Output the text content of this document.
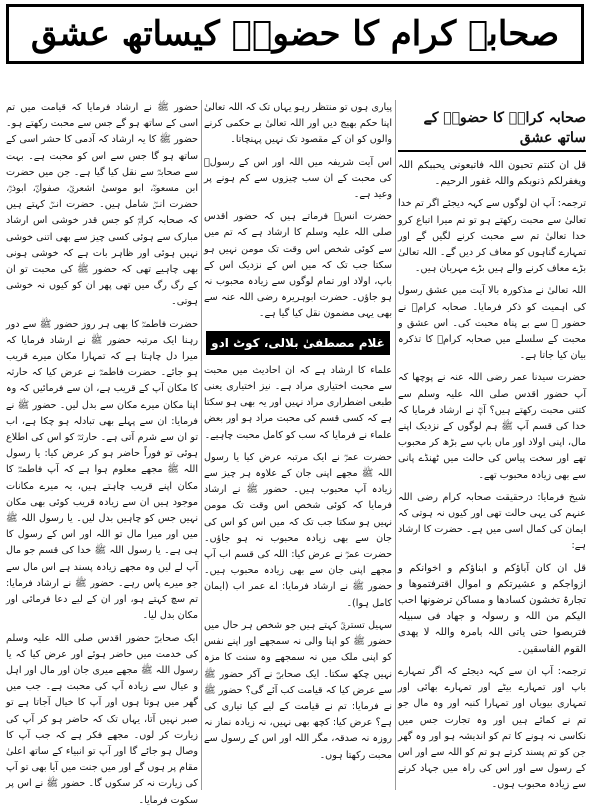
صحابہ کرام کا حضورؐ کیساتھ عشق
صحابہ کرامؓ کا حضورؐ کے ساتھ عشق

قل ان کنتم تحبون اللہ فاتبعونی یحببکم اللہ ویغفرلکم ذنوبکم واللہ غفور الرحیم۔

ترجمہ: آپ ان لوگوں سے کہہ دیجئے اگر تم خدا تعالیٰ سے محبت رکھتے ہو تو تم میرا اتباع کرو خدا تعالیٰ تم سے محبت کرنے لگیں گے اور تمہارے گناہوں کو معاف کر دیں گے۔ اللہ تعالیٰ بڑے معاف کرنے والے ہیں بڑے مہربان ہیں۔

اللہ تعالیٰ نے مذکورہ بالا آیت میں عشق رسول کی اہمیت کو ذکر فرمایا۔ صحابہ کرامؓ نے حضور ﷺ سے بے پناہ محبت کی۔ اس عشق و محبت کے سلسلے میں صحابہ کرامؓ کا تذکرہ بیان کیا جاتا ہے۔

حضرت سیدنا عمر رضی اللہ عنہ نے پوچھا کہ آپ حضور اقدس صلی اللہ علیہ وسلم سے کتنی محبت رکھتے ہیں؟ آپؓ نے ارشاد فرمایا کہ خدا کی قسم آپ ﷺ ہم لوگوں کے نزدیک اپنے مال، اپنی اولاد اور ماں باپ سے بڑھ کر محبوب تھے اور سخت پیاس کی حالت میں ٹھنڈے پانی سے بھی زیادہ محبوب تھے۔

شیخ فرمایا: درحقیقت صحابہ کرام رضی اللہ عنہم کی یہی حالت تھی اور کیوں نہ ہوتی کہ ایمان کی کمال اسی میں ہے۔ حضرت کا ارشاد ہے:

قل ان کان آباؤکم و ابناؤکم و اخوانکم و ازواجکم و عشیرتکم و اموال اقترفتموھا و تجارۃ تخشون کسادھا و مساکن ترضونھا احب الیکم من اللہ و رسولہ و جھاد فی سبیلہ فتربصوا حتی یاتی اللہ بامرہ واللہ لا یھدی القوم الفاسقین۔

ترجمہ: آپ ان سے کہہ دیجئے کہ اگر تمہارے باپ اور تمہارے بیٹے اور تمہارے بھائی اور تمہاری بیویاں اور تمہارا کنبہ اور وہ مال جو تم نے کمائے ہیں اور وہ تجارت جس میں نکاسی نہ ہونے کا تم کو اندیشہ ہو اور وہ گھر جن کو تم پسند کرتے ہو تم کو اللہ سے اور اس کے رسول سے اور اس کی راہ میں جہاد کرنے سے زیادہ محبوب ہوں۔

پیاری ہوں تو منتظر رہو یہاں تک کہ اللہ تعالیٰ اپنا حکم بھیج دیں اور اللہ تعالیٰ بے حکمی کرنے والوں کو ان کے مقصود تک نہیں پہنچاتا۔

اس آیت شریفہ میں اللہ اور اس کے رسولؐ کی محبت کے ان سب چیزوں سے کم ہونے پر وعید ہے۔

حضرت انسؓ فرماتے ہیں کہ حضور اقدس صلی اللہ علیہ وسلم کا ارشاد ہے کہ تم میں سے کوئی شخص اس وقت تک مومن نہیں ہو سکتا جب تک کہ میں اس کے نزدیک اس کے باپ، اولاد اور تمام لوگوں سے زیادہ محبوب نہ ہو جاؤں۔ حضرت ابوہریرہ رضی اللہ عنہ سے بھی یہی مضمون نقل کیا گیا ہے۔

غلام مصطفیٰ بلالی، کوٹ ادو

علماء کا ارشاد ہے کہ ان احادیث میں محبت سے محبت اختیاری مراد ہے۔ نیز اختیاری یعنی طبعی اضطراری مراد نہیں اور یہ بھی ہو سکتا ہے کہ کسی قسم کی محبت مراد ہو اور بعض علماء نے فرمایا کہ سب کو کامل محبت چاہیے۔

حضرت عمرؓ نے ایک مرتبہ عرض کیا یا رسول اللہ ﷺ مجھے اپنی جان کے علاوہ ہر چیز سے زیادہ آپ محبوب ہیں۔ حضور ﷺ نے ارشاد فرمایا کہ کوئی شخص اس وقت تک مومن نہیں ہو سکتا جب تک کہ میں اس کو اس کی جان سے بھی زیادہ محبوب نہ ہو جاؤں۔ حضرت عمرؓ نے عرض کیا: اللہ کی قسم اب آپ مجھے اپنی جان سے بھی زیادہ محبوب ہیں۔ حضور ﷺ نے ارشاد فرمایا: اے عمر اب (ایمان کامل ہوا)۔

سہیل تستریؒ کہتے ہیں جو شخص ہر حال میں حضور ﷺ کو اپنا والی نہ سمجھے اور اپنے نفس کو اپنی ملک میں نہ سمجھے وہ سنت کا مزہ نہیں چکھ سکتا۔ ایک صحابیؓ نے آکر حضور ﷺ سے عرض کیا کہ قیامت کب آئے گی؟ حضور ﷺ نے فرمایا: تم نے قیامت کے لیے کیا تیاری کی ہے؟ عرض کیا: کچھ بھی نہیں، نہ زیادہ نماز نہ روزہ نہ صدقہ، مگر اللہ اور اس کے رسول سے محبت رکھتا ہوں۔

حضور ﷺ نے ارشاد فرمایا کہ قیامت میں تم اسی کے ساتھ ہو گے جس سے محبت رکھتے ہو۔ حضور ﷺ کا یہ ارشاد کہ آدمی کا حشر اسی کے ساتھ ہو گا جس سے اس کو محبت ہے۔ بہت سے صحابہؓ سے نقل کیا گیا ہے۔ جن میں حضرت ابن مسعودؓ، ابو موسیٰ اشعریؓ، صفوانؓ، ابوذرؓ، حضرت انسؓ شامل ہیں۔ حضرت انسؓ کہتے ہیں کہ صحابہ کرامؓ کو جس قدر خوشی اس ارشاد مبارک سے ہوئی کسی چیز سے بھی اتنی خوشی نہیں ہوئی اور ظاہر بات ہے کہ خوشی ہونی بھی چاہیے تھی کہ حضور ﷺ کی محبت تو ان کے رگ رگ میں تھی پھر ان کو کیوں نہ خوشی ہوتی۔

حضرت فاطمہؓ کا بھی ہر روز حضور ﷺ سے دور رہنا ایک مرتبہ حضور ﷺ نے ارشاد فرمایا کہ میرا دل چاہتا ہے کہ تمہارا مکان میرے قریب ہو جائے۔ حضرت فاطمہؓ نے عرض کیا کہ حارثہ کا مکان آپ کے قریب ہے، ان سے فرمائیں کہ وہ اپنا مکان میرے مکان سے بدل لیں۔ حضور ﷺ نے فرمایا: ان سے پہلے بھی تبادلہ ہو چکا ہے، اب تو ان سے شرم آتی ہے۔ حارثہؓ کو اس کی اطلاع ہوئی تو فوراً حاضر ہو کر عرض کیا: یا رسول اللہ ﷺ مجھے معلوم ہوا ہے کہ آپ فاطمہؓ کا مکان اپنے قریب چاہتے ہیں، یہ میرے مکانات موجود ہیں ان سے زیادہ قریب کوئی بھی مکان نہیں جس کو چاہیں بدل لیں۔ یا رسول اللہ ﷺ میں اور میرا مال تو اللہ اور اس کے رسول کا ہی ہے۔ یا رسول اللہ ﷺ خدا کی قسم جو مال آپ لے لیں وہ مجھے زیادہ پسند ہے اس مال سے جو میرے پاس رہے۔ حضور ﷺ نے ارشاد فرمایا: تم سچ کہتے ہو، اور ان کے لیے دعا فرمائی اور مکان بدل لیا۔

ایک صحابیؓ حضور اقدس صلی اللہ علیہ وسلم کی خدمت میں حاضر ہوئے اور عرض کیا کہ یا رسول اللہ ﷺ مجھے میری جان اور مال اور اہل و عیال سے زیادہ آپ کی محبت ہے۔ جب میں گھر میں ہوتا ہوں اور آپ کا خیال آجاتا ہے تو صبر نہیں آتا، یہاں تک کہ حاضر ہو کر آپ کی زیارت کر لوں۔ مجھے فکر ہے کہ جب آپ کا وصال ہو جائے گا اور آپ تو انبیاء کے ساتھ اعلیٰ مقام پر ہوں گے اور میں جنت میں آیا بھی تو آپ کی زیارت نہ کر سکوں گا۔ حضور ﷺ نے اس پر سکوت فرمایا۔
